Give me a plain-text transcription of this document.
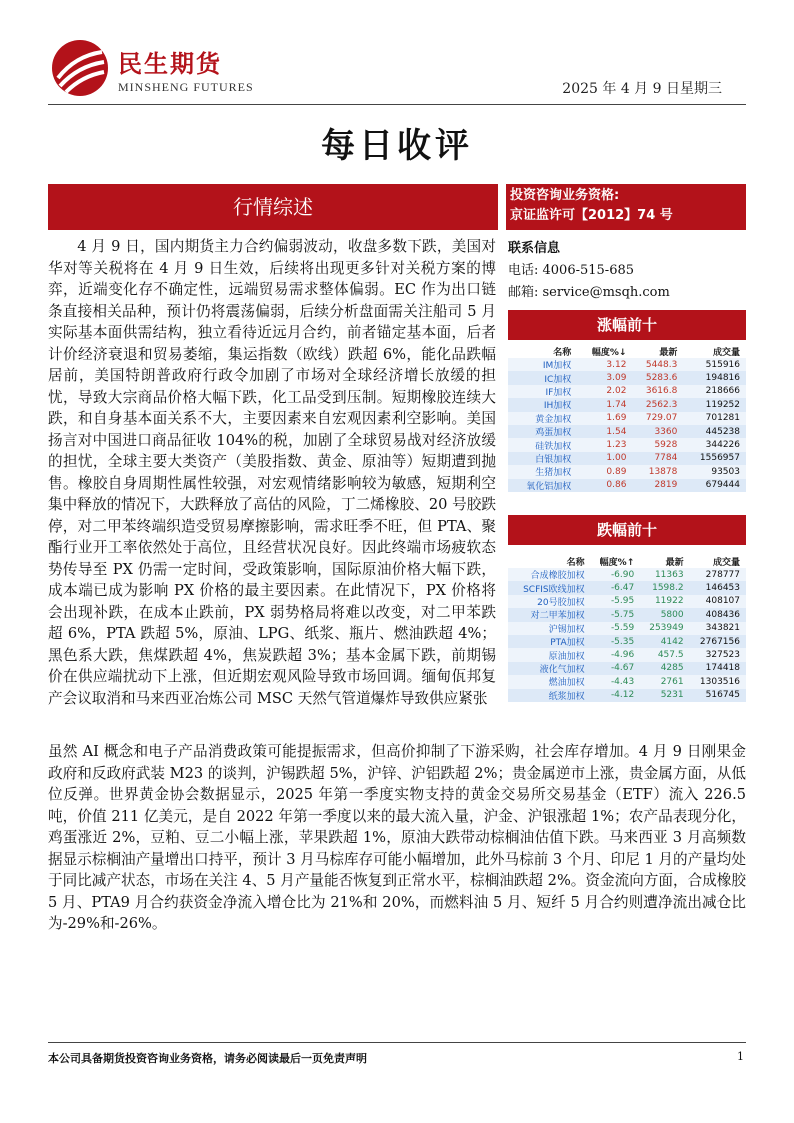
民生期货
MINSHENG FUTURES	2025 年 4 月 9 日星期三
每日收评
行情综述	投资咨询业务资格:
京证监许可【2012】74 号
联系信息
电话: 4006-515-685
邮箱: service@msqh.com
4 月 9 日，国内期货主力合约偏弱波动，收盘多数下跌，美国对华对等关税将在 4 月 9 日生效，后续将出现更多针对关税方案的博弈，近端变化存不确定性，远端贸易需求整体偏弱。EC 作为出口链条直接相关品种，预计仍将震荡偏弱，后续分析盘面需关注船司 5 月实际基本面供需结构，独立看待近远月合约，前者锚定基本面，后者计价经济衰退和贸易萎缩，集运指数（欧线）跌超 6%，能化品跌幅居前，美国特朗普政府行政令加剧了市场对全球经济增长放缓的担忧，导致大宗商品价格大幅下跌，化工品受到压制。短期橡胶连续大跌，和自身基本面关系不大，主要因素来自宏观因素利空影响。美国扬言对中国进口商品征收 104%的税，加剧了全球贸易战对经济放缓的担忧，全球主要大类资产（美股指数、黄金、原油等）短期遭到抛售。橡胶自身周期性属性较强，对宏观情绪影响较为敏感，短期利空集中释放的情况下，大跌释放了高估的风险，丁二烯橡胶、20 号胶跌停，对二甲苯终端织造受贸易摩擦影响，需求旺季不旺，但 PTA、聚酯行业开工率依然处于高位，且经营状况良好。因此终端市场疲软态势传导至 PX 仍需一定时间，受政策影响，国际原油价格大幅下跌，成本端已成为影响 PX 价格的最主要因素。在此情况下，PX 价格将会出现补跌，在成本止跌前，PX 弱势格局将难以改变，对二甲苯跌超 6%，PTA 跌超 5%，原油、LPG、纸浆、瓶片、燃油跌超 4%；黑色系大跌，焦煤跌超 4%，焦炭跌超 3%；基本金属下跌，前期锡价在供应端扰动下上涨，但近期宏观风险导致市场回调。缅甸佤邦复产会议取消和马来西亚冶炼公司 MSC 天然气管道爆炸导致供应紧张
虽然 AI 概念和电子产品消费政策可能提振需求，但高价抑制了下游采购，社会库存增加。4 月 9 日刚果金政府和反政府武装 M23 的谈判，沪锡跌超 5%，沪锌、沪铝跌超 2%；贵金属逆市上涨，贵金属方面，从低位反弹。世界黄金协会数据显示，2025 年第一季度实物支持的黄金交易所交易基金（ETF）流入 226.5 吨，价值 211 亿美元，是自 2022 年第一季度以来的最大流入量，沪金、沪银涨超 1%；农产品表现分化，鸡蛋涨近 2%，豆粕、豆二小幅上涨，苹果跌超 1%，原油大跌带动棕榈油估值下跌。马来西亚 3 月高频数据显示棕榈油产量增出口持平，预计 3 月马棕库存可能小幅增加，此外马棕前 3 个月、印尼 1 月的产量均处于同比减产状态，市场在关注 4、5 月产量能否恢复到正常水平，棕榈油跌超 2%。资金流向方面，合成橡胶 5 月、PTA9 月合约获资金净流入增仓比为 21%和 20%，而燃料油 5 月、短纤 5 月合约则遭净流出减仓比为-29%和-26%。
涨幅前十
名称	幅度%↓	最新	成交量
IM加权	3.12	5448.3	515916
IC加权	3.09	5283.6	194816
IF加权	2.02	3616.8	218666
IH加权	1.74	2562.3	119252
黄金加权	1.69	729.07	701281
鸡蛋加权	1.54	3360	445238
硅铁加权	1.23	5928	344226
白银加权	1.00	7784	1556957
生猪加权	0.89	13878	93503
氧化铝加权	0.86	2819	679444
跌幅前十
名称	幅度%↑	最新	成交量
合成橡胶加权	-6.90	11363	278777
SCFIS欧线加权	-6.47	1598.2	146453
20号胶加权	-5.95	11922	408107
对二甲苯加权	-5.75	5800	408436
沪锡加权	-5.59	253949	343821
PTA加权	-5.35	4142	2767156
原油加权	-4.96	457.5	327523
液化气加权	-4.67	4285	174418
燃油加权	-4.43	2761	1303516
纸浆加权	-4.12	5231	516745
本公司具备期货投资咨询业务资格，请务必阅读最后一页免责声明	1
